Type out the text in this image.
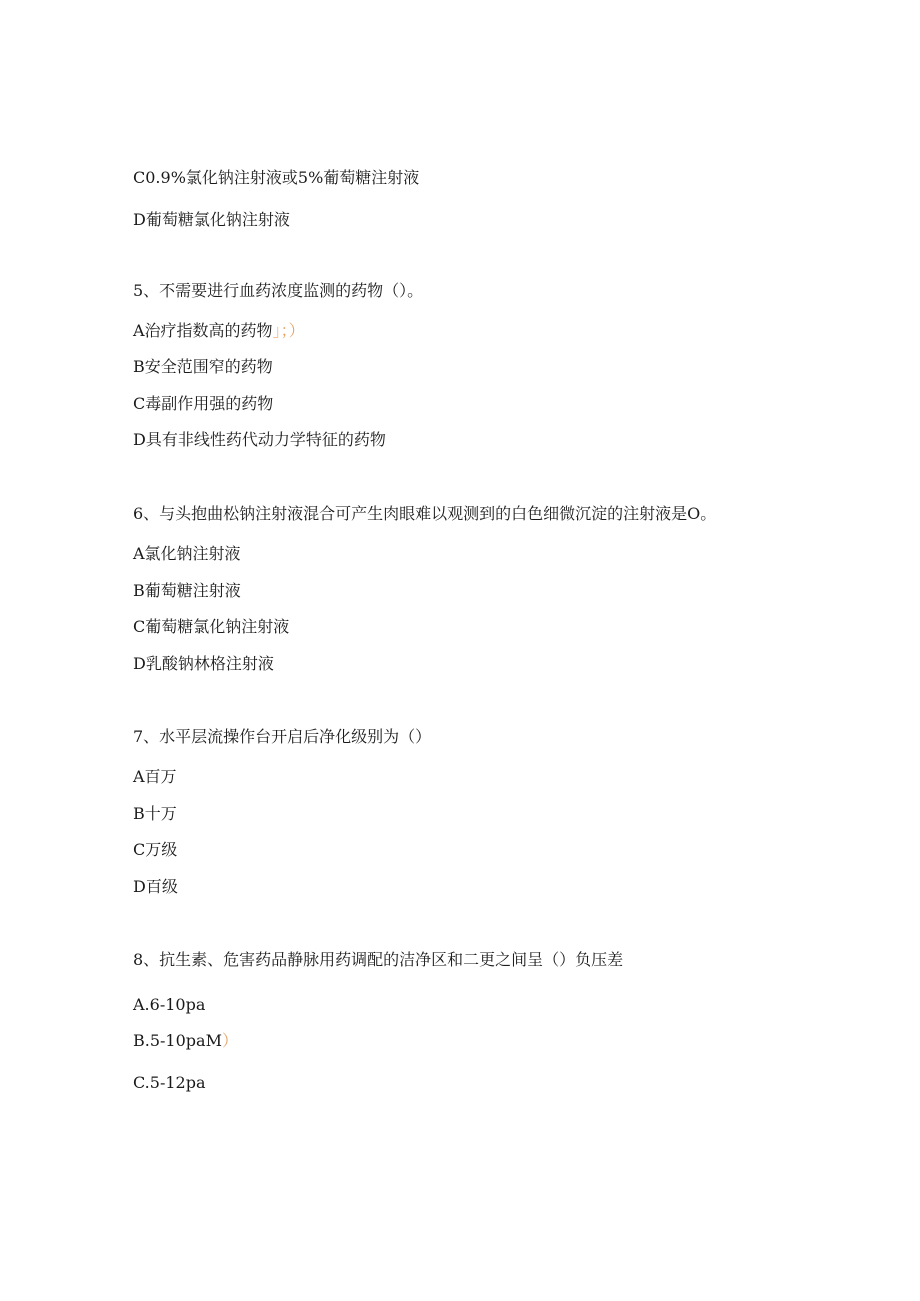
C0.9%氯化钠注射液或5%葡萄糖注射液
D葡萄糖氯化钠注射液
5、不需要进行血药浓度监测的药物（）。
A治疗指数高的药物」；）
B安全范围窄的药物
C毒副作用强的药物
D具有非线性药代动力学特征的药物
6、与头抱曲松钠注射液混合可产生肉眼难以观测到的白色细微沉淀的注射液是O。
A氯化钠注射液
B葡萄糖注射液
C葡萄糖氯化钠注射液
D乳酸钠林格注射液
7、水平层流操作台开启后净化级别为（）
A百万
B十万
C万级
D百级
8、抗生素、危害药品静脉用药调配的洁净区和二更之间呈（）负压差
A.6-10pa
B.5-10paM）
C.5-12pa
